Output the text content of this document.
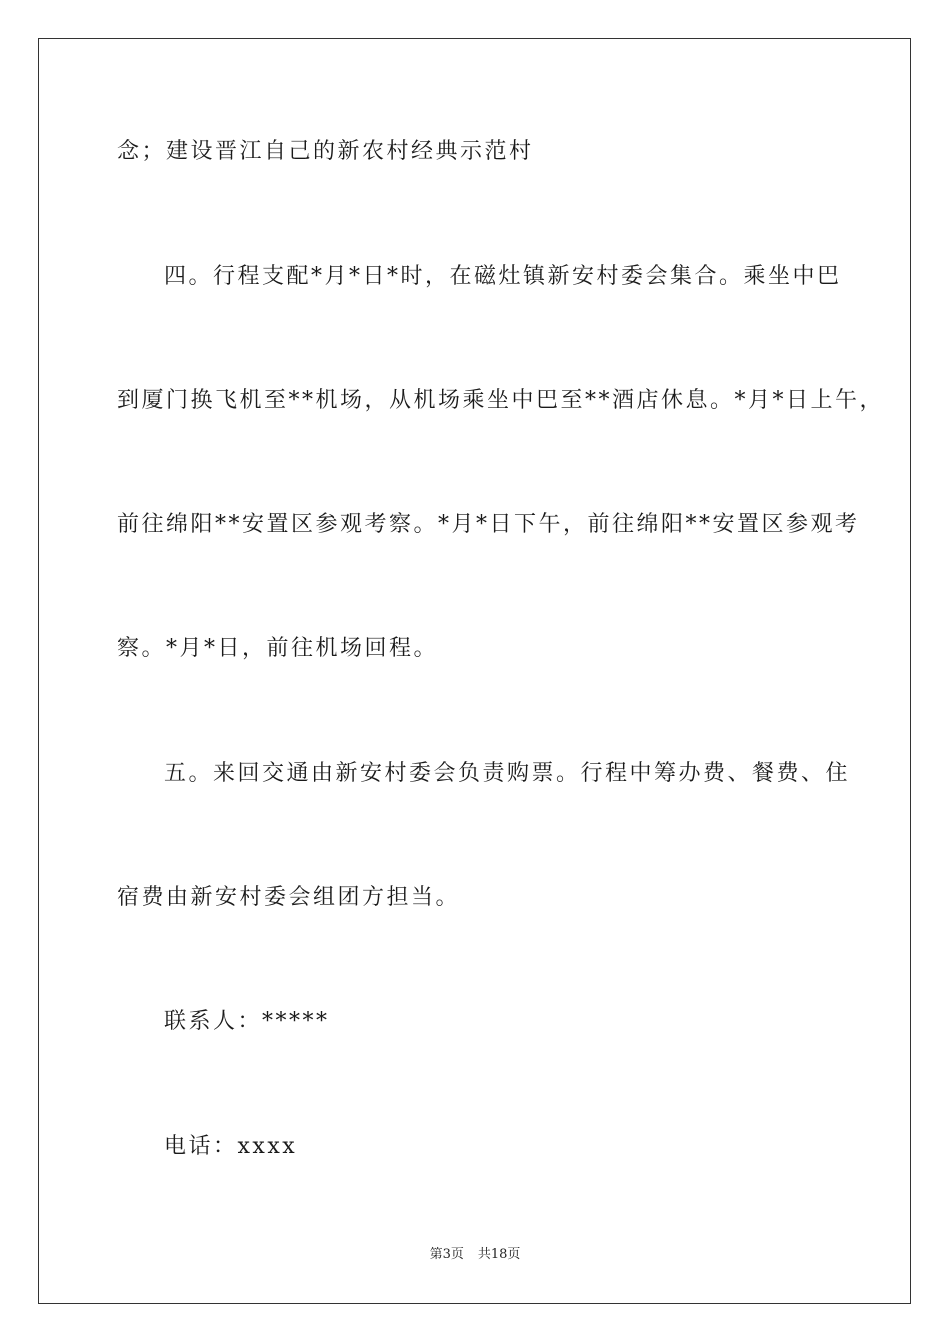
念；建设晋江自己的新农村经典示范村

四。行程支配*月*日*时，在磁灶镇新安村委会集合。乘坐中巴

到厦门换飞机至**机场，从机场乘坐中巴至**酒店休息。*月*日上午，

前往绵阳**安置区参观考察。*月*日下午，前往绵阳**安置区参观考

察。*月*日，前往机场回程。

五。来回交通由新安村委会负责购票。行程中筹办费、餐费、住

宿费由新安村委会组团方担当。

联系人：*****

电话：xxxx

第3页 共18页
